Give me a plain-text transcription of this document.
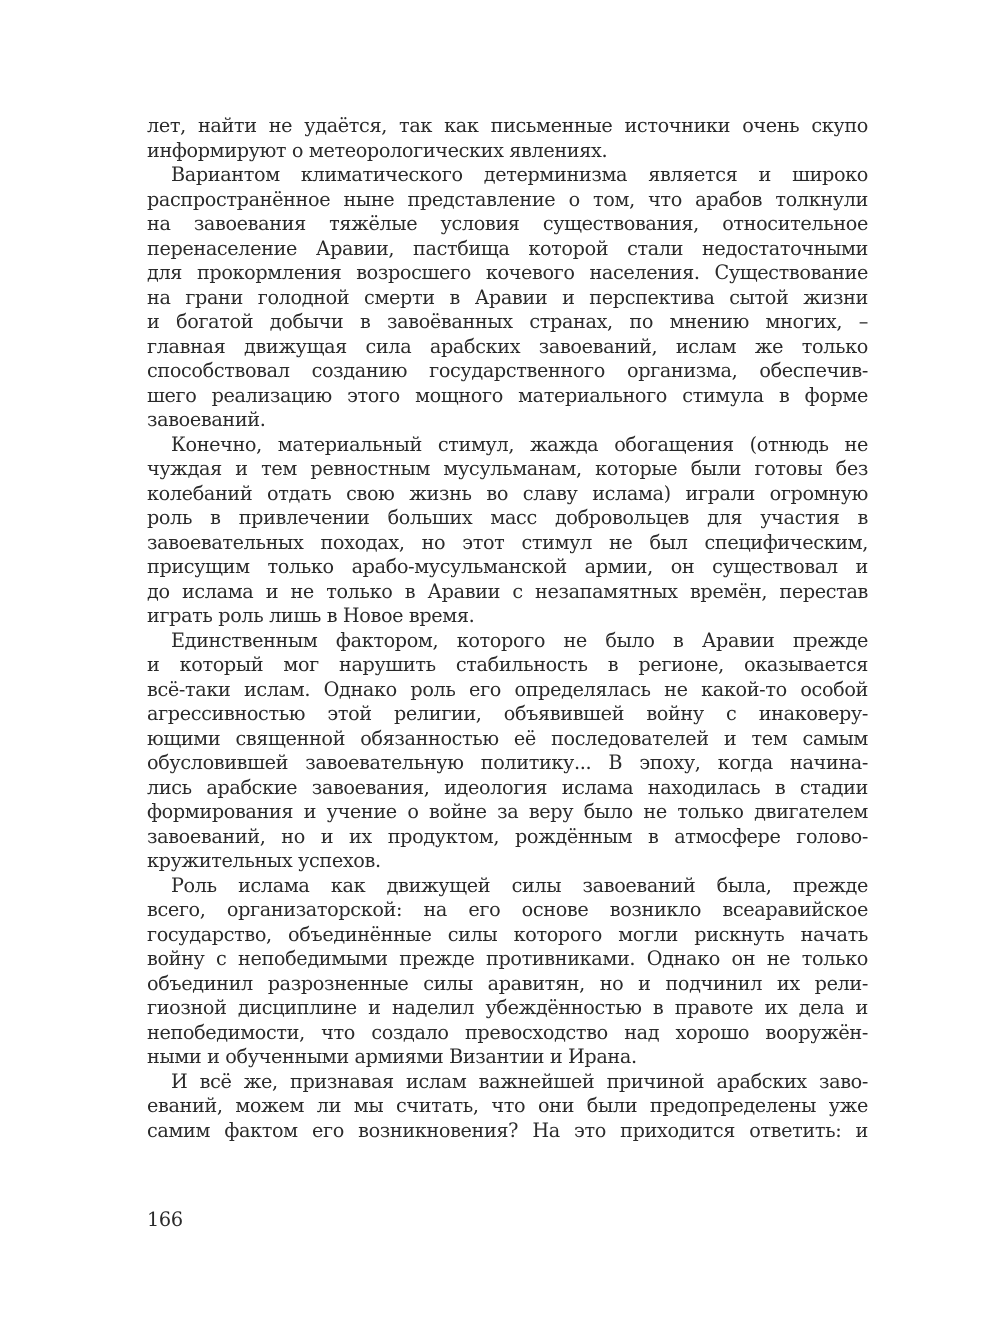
лет, найти не удаётся, так как письменные источники очень скупо
информируют о метеорологических явлениях.
Вариантом климатического детерминизма является и широко
распространённое ныне представление о том, что арабов толкнули
на завоевания тяжёлые условия существования, относительное
перенаселение Аравии, пастбища которой стали недостаточными
для прокормления возросшего кочевого населения. Существование
на грани голодной смерти в Аравии и перспектива сытой жизни
и богатой добычи в завоёванных странах, по мнению многих, –
главная движущая сила арабских завоеваний, ислам же только
способствовал созданию государственного организма, обеспечив-
шего реализацию этого мощного материального стимула в форме
завоеваний.
Конечно, материальный стимул, жажда обогащения (отнюдь не
чуждая и тем ревностным мусульманам, которые были готовы без
колебаний отдать свою жизнь во славу ислама) играли огромную
роль в привлечении больших масс добровольцев для участия в
завоевательных походах, но этот стимул не был специфическим,
присущим только арабо-мусульманской армии, он существовал и
до ислама и не только в Аравии с незапамятных времён, перестав
играть роль лишь в Новое время.
Единственным фактором, которого не было в Аравии прежде
и который мог нарушить стабильность в регионе, оказывается
всё-таки ислам. Однако роль его определялась не какой-то особой
агрессивностью этой религии, объявившей войну с инаковеру-
ющими священной обязанностью её последователей и тем самым
обусловившей завоевательную политику... В эпоху, когда начина-
лись арабские завоевания, идеология ислама находилась в стадии
формирования и учение о войне за веру было не только двигателем
завоеваний, но и их продуктом, рождённым в атмосфере голово-
кружительных успехов.
Роль ислама как движущей силы завоеваний была, прежде
всего, организаторской: на его основе возникло всеаравийское
государство, объединённые силы которого могли рискнуть начать
войну с непобедимыми прежде противниками. Однако он не только
объединил разрозненные силы аравитян, но и подчинил их рели-
гиозной дисциплине и наделил убеждённостью в правоте их дела и
непобедимости, что создало превосходство над хорошо вооружён-
ными и обученными армиями Византии и Ирана.
И всё же, признавая ислам важнейшей причиной арабских заво-
еваний, можем ли мы считать, что они были предопределены уже
самим фактом его возникновения? На это приходится ответить: и
166
